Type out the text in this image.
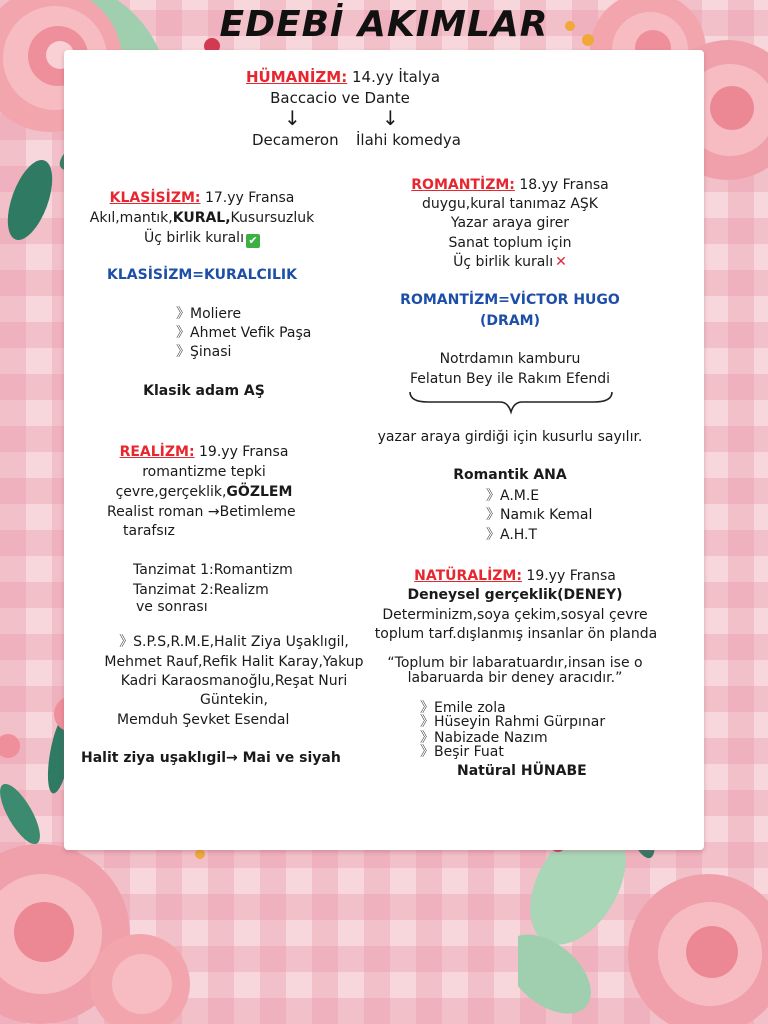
EDEBİ AKIMLAR
HÜMANİZM: 14.yy İtalya
Baccacio ve Dante
↓	↓
Decameron İlahi komedya
KLASİSİZM: 17.yy Fransa
Akıl,mantık,KURAL,Kusursuzluk
Üç birlik kuralı ✔
KLASİSİZM=KURALCILIK
》Moliere
》Ahmet Vefik Paşa
》Şinasi
Klasik adam AŞ
ROMANTİZM: 18.yy Fransa
duygu,kural tanımaz AŞK
Yazar araya girer
Sanat toplum için
Üç birlik kuralı ✕
ROMANTİZM=VİCTOR HUGO
(DRAM)
Notrdamın kamburu
Felatun Bey ile Rakım Efendi
yazar araya girdiği için kusurlu sayılır.
Romantik ANA
》A.M.E
》Namık Kemal
》A.H.T
REALİZM: 19.yy Fransa
romantizme tepki
çevre,gerçeklik,GÖZLEM
Realist roman →Betimleme
tarafsız
Tanzimat 1:Romantizm
Tanzimat 2:Realizm
ve sonrası
》S.P.S,R.M.E,Halit Ziya Uşaklıgil,
Mehmet Rauf,Refik Halit Karay,Yakup
Kadri Karaosmanoğlu,Reşat Nuri
Güntekin,
Memduh Şevket Esendal
Halit ziya uşaklıgil→ Mai ve siyah
NATÜRALİZM: 19.yy Fransa
Deneysel gerçeklik(DENEY)
Determinizm,soya çekim,sosyal çevre
toplum tarf.dışlanmış insanlar ön planda
“Toplum bir labaratuardır,insan ise o
labaruarda bir deney aracıdır.”
》Emile zola
》Hüseyin Rahmi Gürpınar
》Nabizade Nazım
》Beşir Fuat
Natüral HÜNABE
